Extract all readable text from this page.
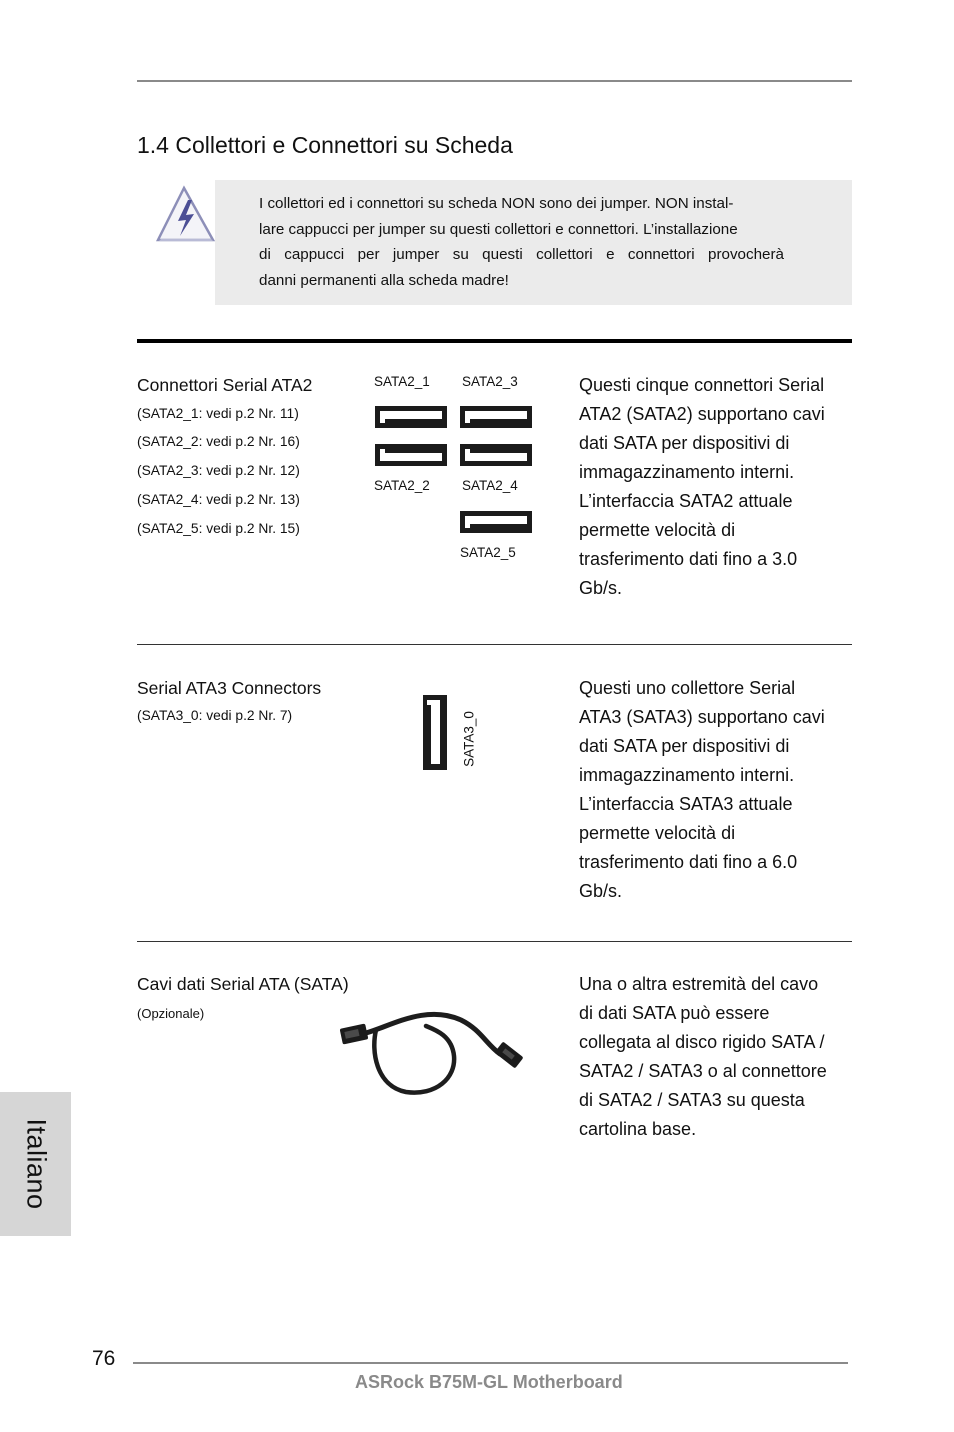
1.4 Collettori e Connettori su Scheda
I collettori ed i connettori su scheda NON sono dei jumper. NON instal-
lare cappucci per jumper su questi collettori e connettori. L’installazione
di cappucci per jumper su questi collettori e connettori provocherà
danni permanenti alla scheda madre!
Connettori Serial ATA2
(SATA2_1: vedi p.2 Nr. 11)
(SATA2_2: vedi p.2 Nr. 16)
(SATA2_3: vedi p.2 Nr. 12)
(SATA2_4: vedi p.2 Nr. 13)
(SATA2_5: vedi p.2 Nr. 15)
SATA2_1 SATA2_3
SATA2_2 SATA2_4
SATA2_5
Questi cinque connettori Serial
ATA2 (SATA2) supportano cavi
dati SATA per dispositivi di
immagazzinamento interni.
L’interfaccia SATA2 attuale
permette velocità di
trasferimento dati fino a 3.0
Gb/s.
Serial ATA3 Connectors
(SATA3_0: vedi p.2 Nr. 7)	SATA3_0
Questi uno collettore Serial
ATA3 (SATA3) supportano cavi
dati SATA per dispositivi di
immagazzinamento interni.
L’interfaccia SATA3 attuale
permette velocità di
trasferimento dati fino a 6.0
Gb/s.
Cavi dati Serial ATA (SATA)
(Opzionale)
Una o altra estremità del cavo
di dati SATA può essere
collegata al disco rigido SATA /
SATA2 / SATA3 o al connettore
di SATA2 / SATA3 su questa
cartolina base.
Italiano
76
ASRock B75M-GL Motherboard
